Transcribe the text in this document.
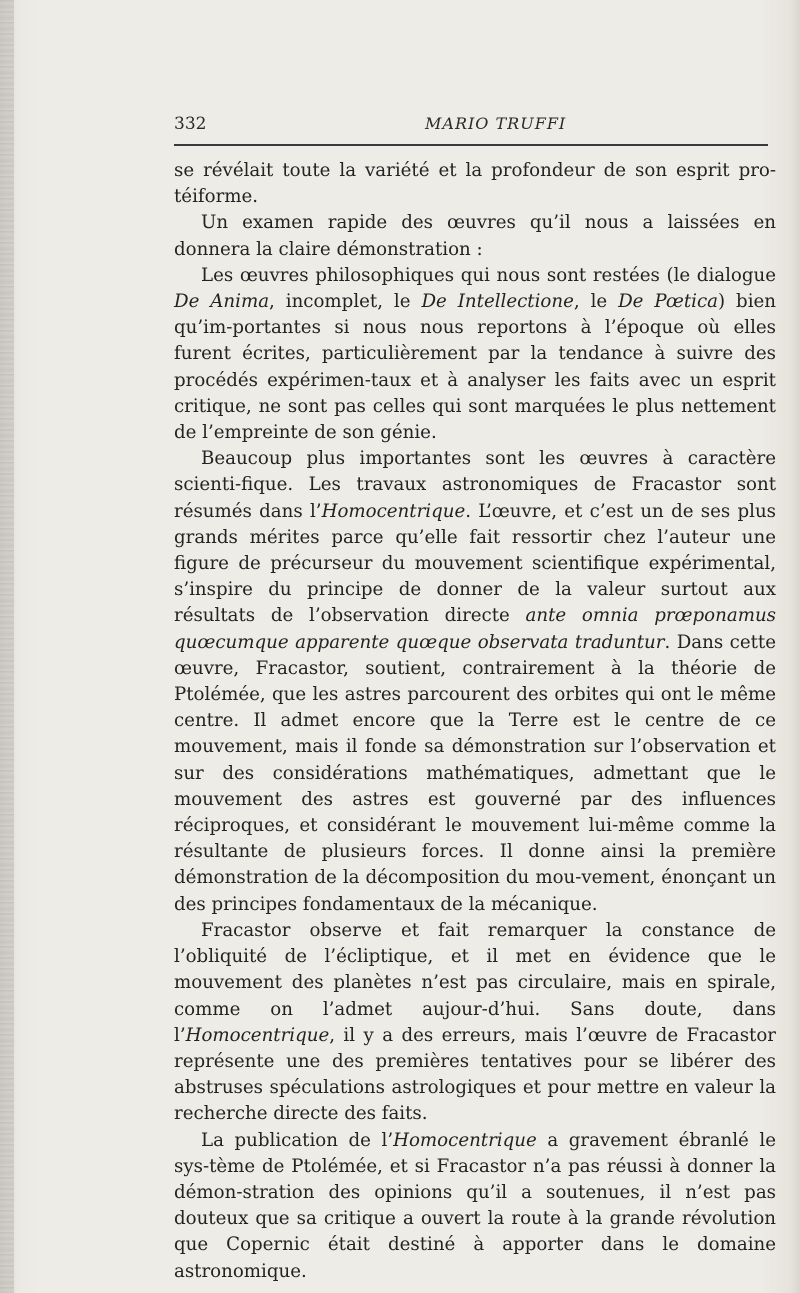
332	MARIO TRUFFI

se révélait toute la variété et la profondeur de son esprit pro-téiforme.

Un examen rapide des œuvres qu’il nous a laissées en donnera la claire démonstration :

Les œuvres philosophiques qui nous sont restées (le dialogue De Anima, incomplet, le De Intellectione, le De Pœtica) bien qu’im-portantes si nous nous reportons à l’époque où elles furent écrites, particulièrement par la tendance à suivre des procédés expérimen-taux et à analyser les faits avec un esprit critique, ne sont pas celles qui sont marquées le plus nettement de l’empreinte de son génie.

Beaucoup plus importantes sont les œuvres à caractère scienti-fique. Les travaux astronomiques de Fracastor sont résumés dans l’Homocentrique. L’œuvre, et c’est un de ses plus grands mérites parce qu’elle fait ressortir chez l’auteur une figure de précurseur du mouvement scientifique expérimental, s’inspire du principe de donner de la valeur surtout aux résultats de l’observation directe ante omnia prœponamus quœcumque apparente quœque observata traduntur. Dans cette œuvre, Fracastor, soutient, contrairement à la théorie de Ptolémée, que les astres parcourent des orbites qui ont le même centre. Il admet encore que la Terre est le centre de ce mouvement, mais il fonde sa démonstration sur l’observation et sur des considérations mathématiques, admettant que le mouvement des astres est gouverné par des influences réciproques, et considérant le mouvement lui-même comme la résultante de plusieurs forces. Il donne ainsi la première démonstration de la décomposition du mou-vement, énonçant un des principes fondamentaux de la mécanique.

Fracastor observe et fait remarquer la constance de l’obliquité de l’écliptique, et il met en évidence que le mouvement des planètes n’est pas circulaire, mais en spirale, comme on l’admet aujour-d’hui. Sans doute, dans l’Homocentrique, il y a des erreurs, mais l’œuvre de Fracastor représente une des premières tentatives pour se libérer des abstruses spéculations astrologiques et pour mettre en valeur la recherche directe des faits.

La publication de l’Homocentrique a gravement ébranlé le sys-tème de Ptolémée, et si Fracastor n’a pas réussi à donner la démon-stration des opinions qu’il a soutenues, il n’est pas douteux que sa critique a ouvert la route à la grande révolution que Copernic était destiné à apporter dans le domaine astronomique.
